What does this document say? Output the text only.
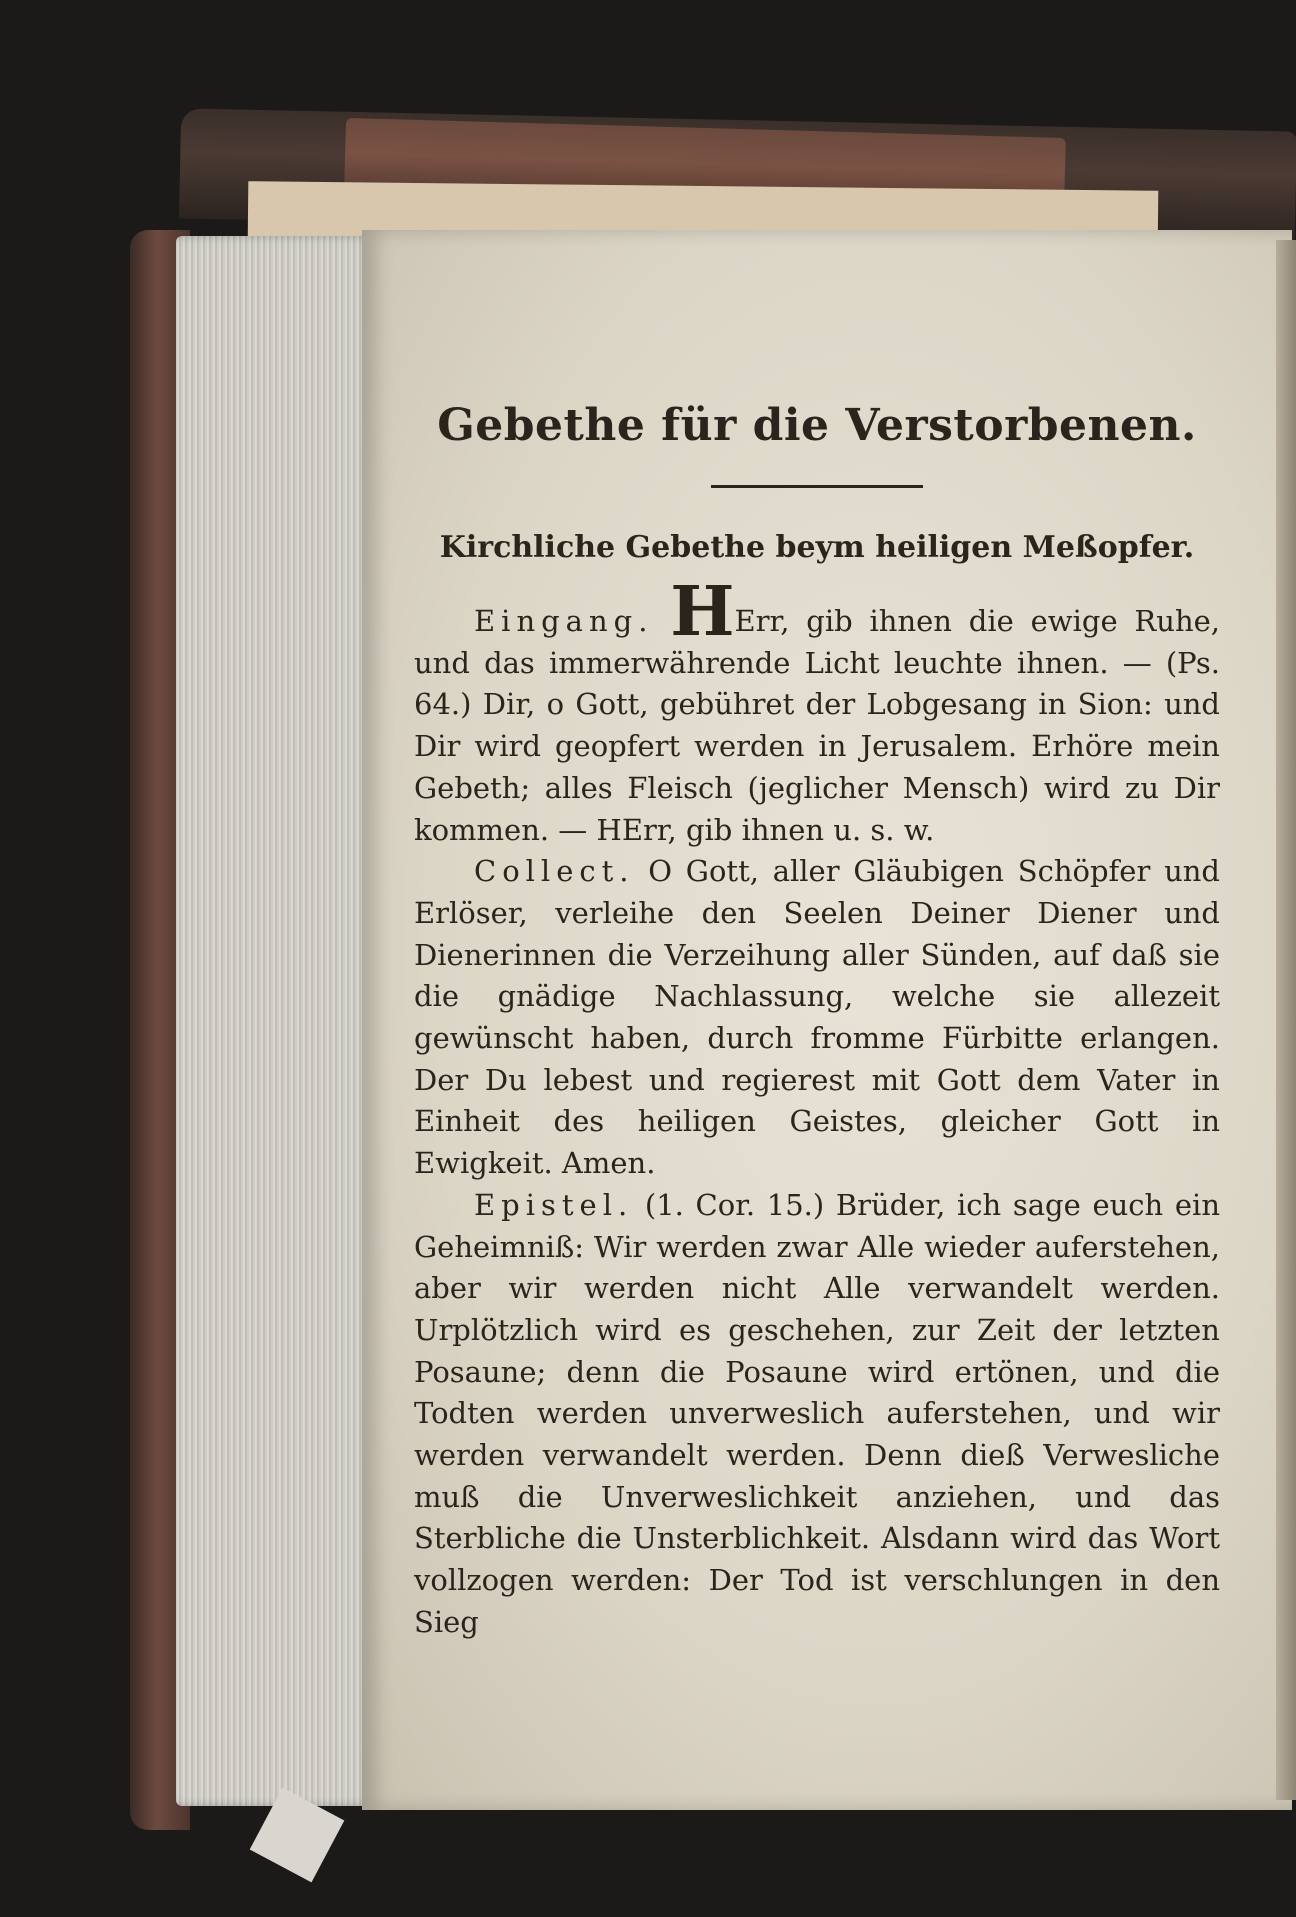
Gebethe für die Verstorbenen.
Kirchliche Gebethe beym heiligen Meßopfer.

Eingang. HErr, gib ihnen die ewige Ruhe, und das immerwährende Licht leuchte ihnen. — (Ps. 64.) Dir, o Gott, gebühret der Lobgesang in Sion: und Dir wird geopfert werden in Jerusalem. Erhöre mein Gebeth; alles Fleisch (jeglicher Mensch) wird zu Dir kommen. — HErr, gib ihnen u. s. w.

Collect. O Gott, aller Gläubigen Schöpfer und Erlöser, verleihe den Seelen Deiner Diener und Dienerinnen die Verzeihung aller Sünden, auf daß sie die gnädige Nachlassung, welche sie allezeit gewünscht haben, durch fromme Fürbitte erlangen. Der Du lebest und regierest mit Gott dem Vater in Einheit des heiligen Geistes, gleicher Gott in Ewigkeit. Amen.

Epistel. (1. Cor. 15.) Brüder, ich sage euch ein Geheimniß: Wir werden zwar Alle wieder auferstehen, aber wir werden nicht Alle verwandelt werden. Urplötzlich wird es geschehen, zur Zeit der letzten Posaune; denn die Posaune wird ertönen, und die Todten werden unverweslich auferstehen, und wir werden verwandelt werden. Denn dieß Verwesliche muß die Unverweslichkeit anziehen, und das Sterbliche die Unsterblichkeit. Alsdann wird das Wort vollzogen werden: Der Tod ist verschlungen in den Sieg
